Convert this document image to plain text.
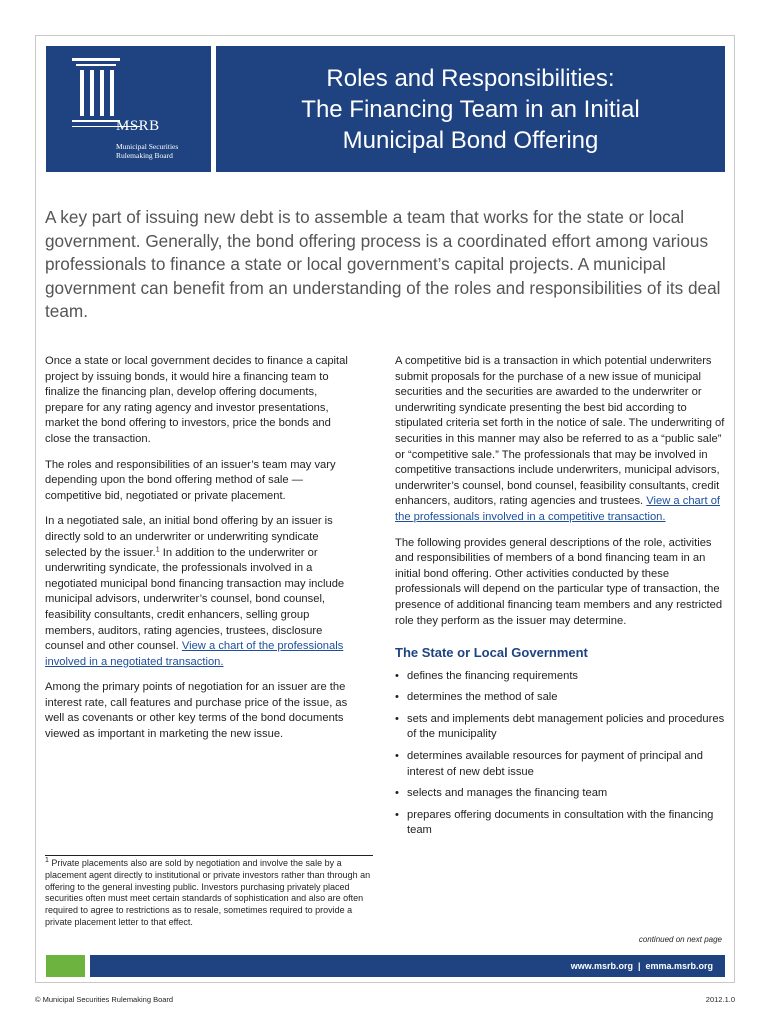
MSRB
Municipal Securities Rulemaking Board
Roles and Responsibilities:
The Financing Team in an Initial
Municipal Bond Offering
A key part of issuing new debt is to assemble a team that works for the state or local government. Generally, the bond offering process is a coordinated effort among various professionals to finance a state or local government’s capital projects. A municipal government can benefit from an understanding of the roles and responsibilities of its deal team.

Once a state or local government decides to finance a capital project by issuing bonds, it would hire a financing team to finalize the financing plan, develop offering documents, prepare for any rating agency and investor presentations, market the bond offering to investors, price the bonds and close the transaction.

The roles and responsibilities of an issuer’s team may vary depending upon the bond offering method of sale — competitive bid, negotiated or private placement.

In a negotiated sale, an initial bond offering by an issuer is directly sold to an underwriter or underwriting syndicate selected by the issuer.$^1$ In addition to the underwriter or underwriting syndicate, the professionals involved in a negotiated municipal bond financing transaction may include municipal advisors, underwriter’s counsel, bond counsel, feasibility consultants, credit enhancers, selling group members, auditors, rating agencies, trustees, disclosure counsel and other counsel. View a chart of the professionals involved in a negotiated transaction.

Among the primary points of negotiation for an issuer are the interest rate, call features and purchase price of the issue, as well as covenants or other key terms of the bond documents viewed as important in marketing the new issue.

A competitive bid is a transaction in which potential underwriters submit proposals for the purchase of a new issue of municipal securities and the securities are awarded to the underwriter or underwriting syndicate presenting the best bid according to stipulated criteria set forth in the notice of sale. The underwriting of securities in this manner may also be referred to as a “public sale” or “competitive sale.” The professionals that may be involved in competitive transactions include underwriters, municipal advisors, underwriter’s counsel, bond counsel, feasibility consultants, credit enhancers, auditors, rating agencies and trustees. View a chart of the professionals involved in a competitive transaction.

The following provides general descriptions of the role, activities and responsibilities of members of a bond financing team in an initial bond offering. Other activities conducted by these professionals will depend on the particular type of transaction, the presence of additional financing team members and any restricted role they perform as the issuer may determine.

The State or Local Government
• defines the financing requirements
• determines the method of sale
• sets and implements debt management policies and procedures of the municipality
• determines available resources for payment of principal and interest of new debt issue
• selects and manages the financing team
• prepares offering documents in consultation with the financing team
$^1$ Private placements also are sold by negotiation and involve the sale by a placement agent directly to institutional or private investors rather than through an offering to the general investing public. Investors purchasing privately placed securities often must meet certain standards of sophistication and also are often required to agree to restrictions as to resale, sometimes required to provide a private placement letter to that effect.
continued on next page
www.msrb.org  |  emma.msrb.org
© Municipal Securities Rulemaking Board	2012.1.0
